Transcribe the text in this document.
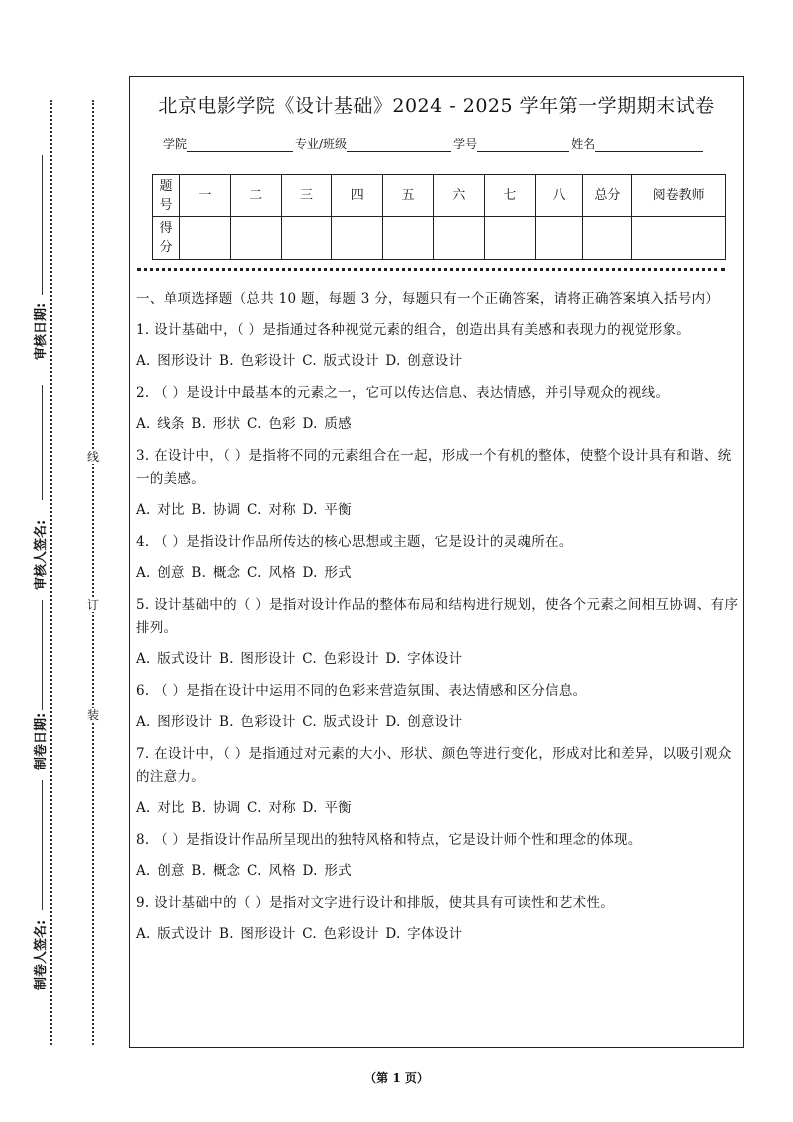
审核日期:
审核人签名:
制卷日期:
制卷人签名:
线
订
装
北京电影学院《设计基础》2024 - 2025 学年第一学期期末试卷
学院	专业/班级	学号	姓名
题号	一	二	三	四	五	六	七	八	总分	阅卷教师
得分										

一、单项选择题（总共 10 题，每题 3 分，每题只有一个正确答案，请将正确答案填入括号内）

1. 设计基础中，（ ）是指通过各种视觉元素的组合，创造出具有美感和表现力的视觉形象。

A. 图形设计 B. 色彩设计 C. 版式设计 D. 创意设计

2. （ ）是设计中最基本的元素之一，它可以传达信息、表达情感，并引导观众的视线。

A. 线条 B. 形状 C. 色彩 D. 质感

3. 在设计中，（ ）是指将不同的元素组合在一起，形成一个有机的整体，使整个设计具有和谐、统一的美感。

A. 对比 B. 协调 C. 对称 D. 平衡

4. （ ）是指设计作品所传达的核心思想或主题，它是设计的灵魂所在。

A. 创意 B. 概念 C. 风格 D. 形式

5. 设计基础中的（ ）是指对设计作品的整体布局和结构进行规划，使各个元素之间相互协调、有序排列。

A. 版式设计 B. 图形设计 C. 色彩设计 D. 字体设计

6. （ ）是指在设计中运用不同的色彩来营造氛围、表达情感和区分信息。

A. 图形设计 B. 色彩设计 C. 版式设计 D. 创意设计

7. 在设计中，（ ）是指通过对元素的大小、形状、颜色等进行变化，形成对比和差异，以吸引观众的注意力。

A. 对比 B. 协调 C. 对称 D. 平衡

8. （ ）是指设计作品所呈现出的独特风格和特点，它是设计师个性和理念的体现。

A. 创意 B. 概念 C. 风格 D. 形式

9. 设计基础中的（ ）是指对文字进行设计和排版，使其具有可读性和艺术性。

A. 版式设计 B. 图形设计 C. 色彩设计 D. 字体设计

（第 1 页）
